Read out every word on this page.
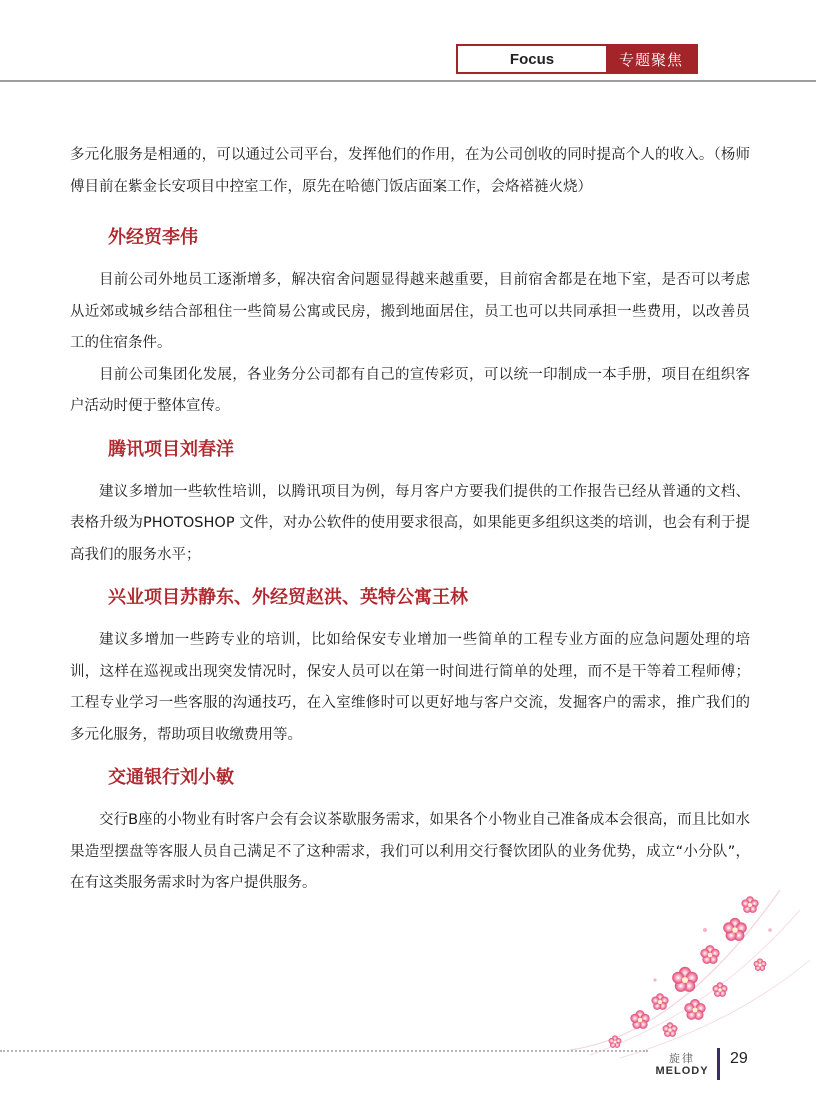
Focus	专题聚焦

多元化服务是相通的，可以通过公司平台，发挥他们的作用，在为公司创收的同时提高个人的收入。（杨师傅目前在紫金长安项目中控室工作，原先在哈德门饭店面案工作，会烙褡裢火烧）

外经贸李伟

目前公司外地员工逐渐增多，解决宿舍问题显得越来越重要，目前宿舍都是在地下室，是否可以考虑从近郊或城乡结合部租住一些简易公寓或民房，搬到地面居住，员工也可以共同承担一些费用，以改善员工的住宿条件。

目前公司集团化发展，各业务分公司都有自己的宣传彩页，可以统一印制成一本手册，项目在组织客户活动时便于整体宣传。

腾讯项目刘春洋

建议多增加一些软性培训，以腾讯项目为例，每月客户方要我们提供的工作报告已经从普通的文档、表格升级为PHOTOSHOP 文件，对办公软件的使用要求很高，如果能更多组织这类的培训，也会有利于提高我们的服务水平；

兴业项目苏静东、外经贸赵洪、英特公寓王林

建议多增加一些跨专业的培训，比如给保安专业增加一些简单的工程专业方面的应急问题处理的培训，这样在巡视或出现突发情况时，保安人员可以在第一时间进行简单的处理，而不是干等着工程师傅；工程专业学习一些客服的沟通技巧，在入室维修时可以更好地与客户交流，发掘客户的需求，推广我们的多元化服务，帮助项目收缴费用等。

交通银行刘小敏

交行B座的小物业有时客户会有会议茶歇服务需求，如果各个小物业自己准备成本会很高，而且比如水果造型摆盘等客服人员自己满足不了这种需求，我们可以利用交行餐饮团队的业务优势，成立“小分队”，在有这类服务需求时为客户提供服务。

旋律
MELODY
29
